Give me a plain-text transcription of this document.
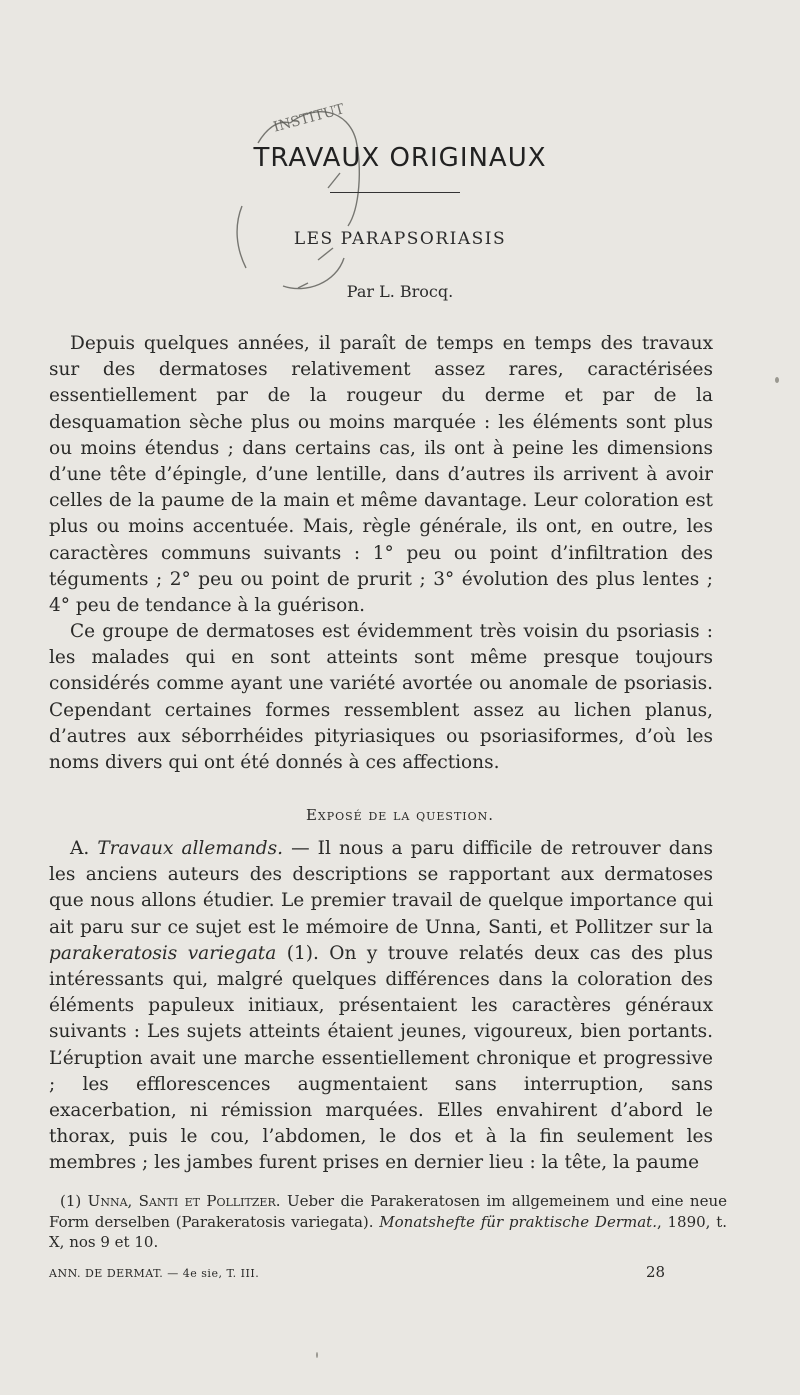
INSTITUT
TRAVAUX ORIGINAUX
LES PARAPSORIASIS
Par L. Brocq.

Depuis quelques années, il paraît de temps en temps des travaux sur des dermatoses relativement assez rares, caractérisées essentiellement par de la rougeur du derme et par de la desquamation sèche plus ou moins marquée : les éléments sont plus ou moins étendus ; dans certains cas, ils ont à peine les dimensions d’une tête d’épingle, d’une lentille, dans d’autres ils arrivent à avoir celles de la paume de la main et même davantage. Leur coloration est plus ou moins accentuée. Mais, règle générale, ils ont, en outre, les caractères communs suivants : 1° peu ou point d’infiltration des téguments ; 2° peu ou point de prurit ; 3° évolution des plus lentes ; 4° peu de tendance à la guérison.

Ce groupe de dermatoses est évidemment très voisin du psoriasis : les malades qui en sont atteints sont même presque toujours considérés comme ayant une variété avortée ou anomale de psoriasis. Cependant certaines formes ressemblent assez au lichen planus, d’autres aux séborrhéides pityriasiques ou psoriasiformes, d’où les noms divers qui ont été donnés à ces affections.

Exposé de la question.

A. Travaux allemands. — Il nous a paru difficile de retrouver dans les anciens auteurs des descriptions se rapportant aux dermatoses que nous allons étudier. Le premier travail de quelque importance qui ait paru sur ce sujet est le mémoire de Unna, Santi, et Pollitzer sur la parakeratosis variegata (1). On y trouve relatés deux cas des plus intéressants qui, malgré quelques différences dans la coloration des éléments papuleux initiaux, présentaient les caractères généraux suivants : Les sujets atteints étaient jeunes, vigoureux, bien portants. L’éruption avait une marche essentiellement chronique et progressive ; les efflorescences augmentaient sans interruption, sans exacerbation, ni rémission marquées. Elles envahirent d’abord le thorax, puis le cou, l’abdomen, le dos et à la fin seulement les membres ; les jambes furent prises en dernier lieu : la tête, la paume

(1) Unna, Santi et Pollitzer. Ueber die Parakeratosen im allgemeinem und eine neue Form derselben (Parakeratosis variegata). Monatshefte für praktische Dermat., 1890, t. X, nos 9 et 10.

ANN. DE DERMAT. — 4e sie, T. III.	28
